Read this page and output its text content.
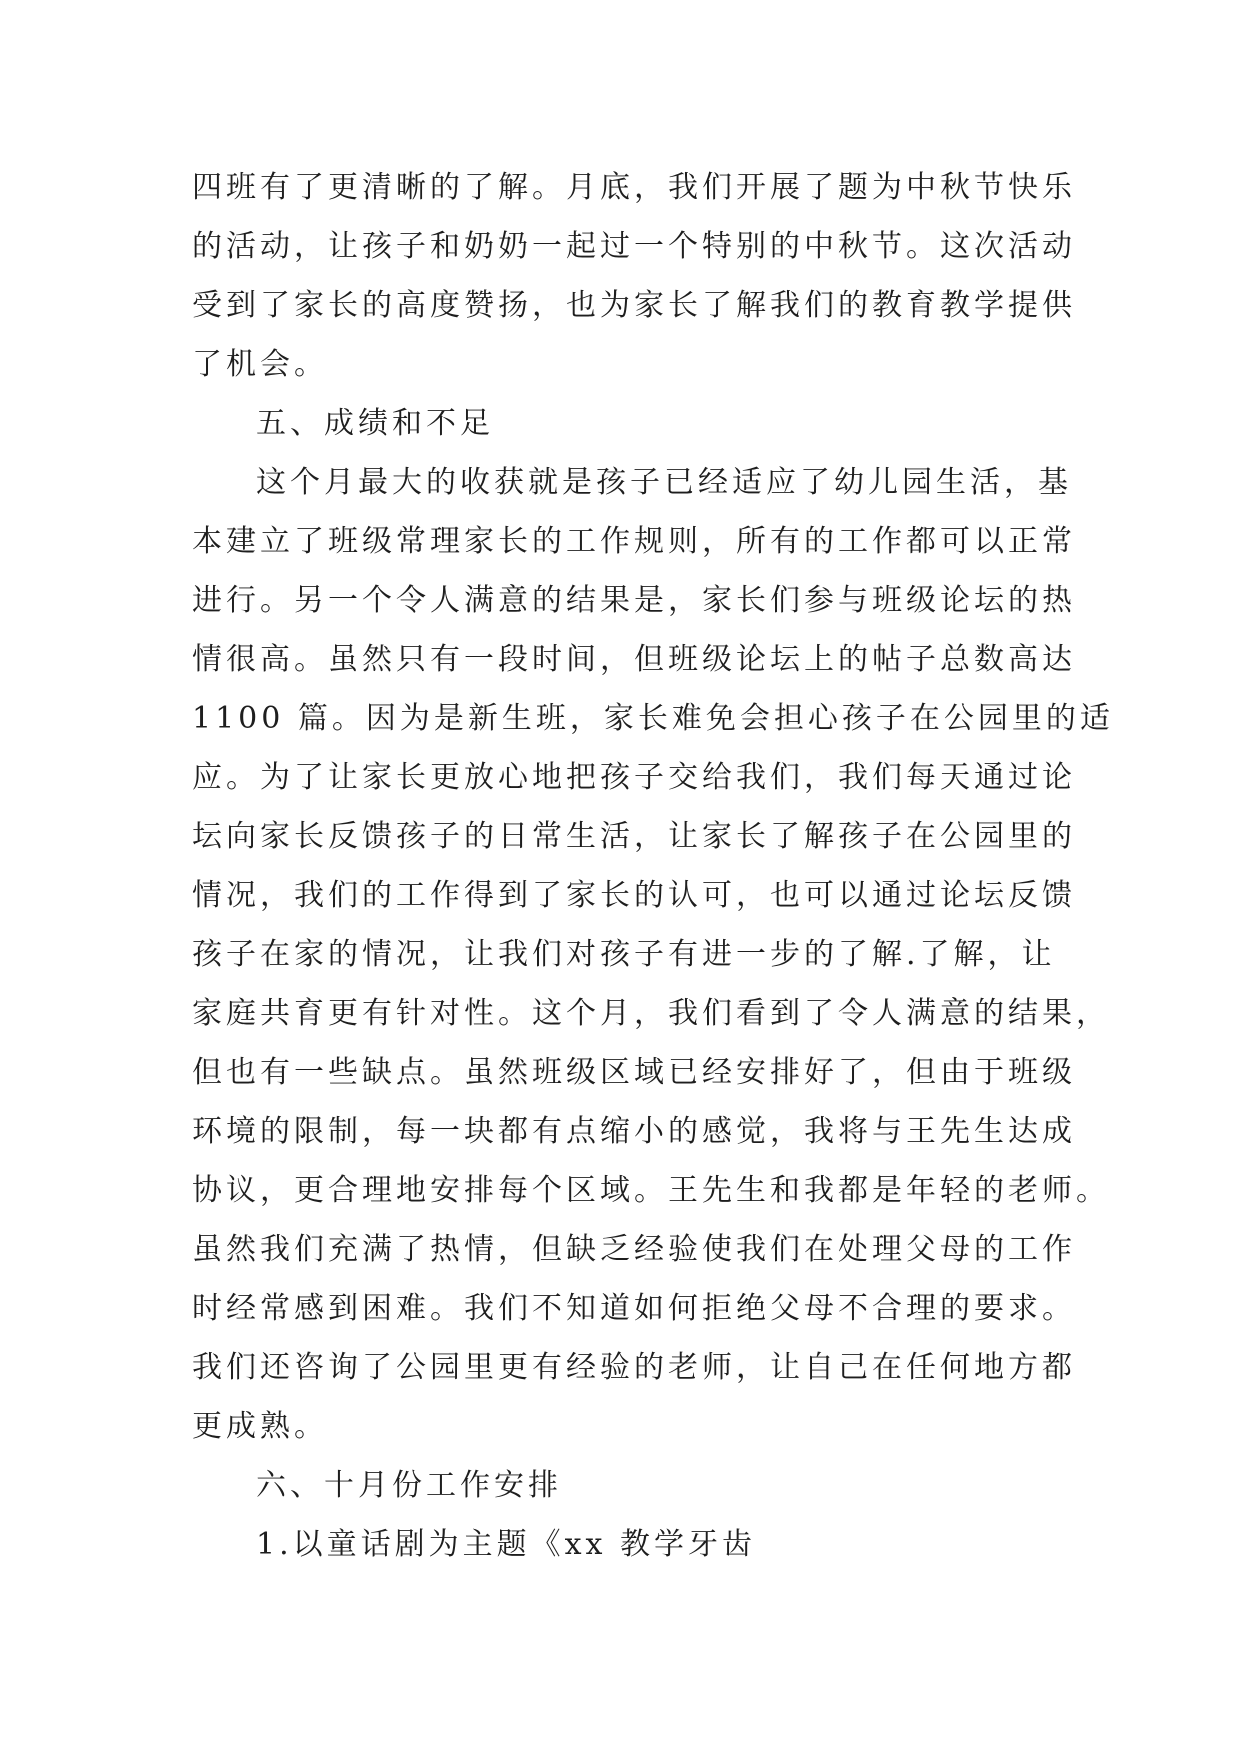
四班有了更清晰的了解。月底，我们开展了题为中秋节快乐
的活动，让孩子和奶奶一起过一个特别的中秋节。这次活动
受到了家长的高度赞扬，也为家长了解我们的教育教学提供
了机会。
五、成绩和不足
这个月最大的收获就是孩子已经适应了幼儿园生活，基
本建立了班级常理家长的工作规则，所有的工作都可以正常
进行。另一个令人满意的结果是，家长们参与班级论坛的热
情很高。虽然只有一段时间，但班级论坛上的帖子总数高达
1100 篇。因为是新生班，家长难免会担心孩子在公园里的适
应。为了让家长更放心地把孩子交给我们，我们每天通过论
坛向家长反馈孩子的日常生活，让家长了解孩子在公园里的
情况，我们的工作得到了家长的认可，也可以通过论坛反馈
孩子在家的情况，让我们对孩子有进一步的了解.了解，让
家庭共育更有针对性。这个月，我们看到了令人满意的结果，
但也有一些缺点。虽然班级区域已经安排好了，但由于班级
环境的限制，每一块都有点缩小的感觉，我将与王先生达成
协议，更合理地安排每个区域。王先生和我都是年轻的老师。
虽然我们充满了热情，但缺乏经验使我们在处理父母的工作
时经常感到困难。我们不知道如何拒绝父母不合理的要求。
我们还咨询了公园里更有经验的老师，让自己在任何地方都
更成熟。
六、十月份工作安排
1.以童话剧为主题《xx 教学牙齿
